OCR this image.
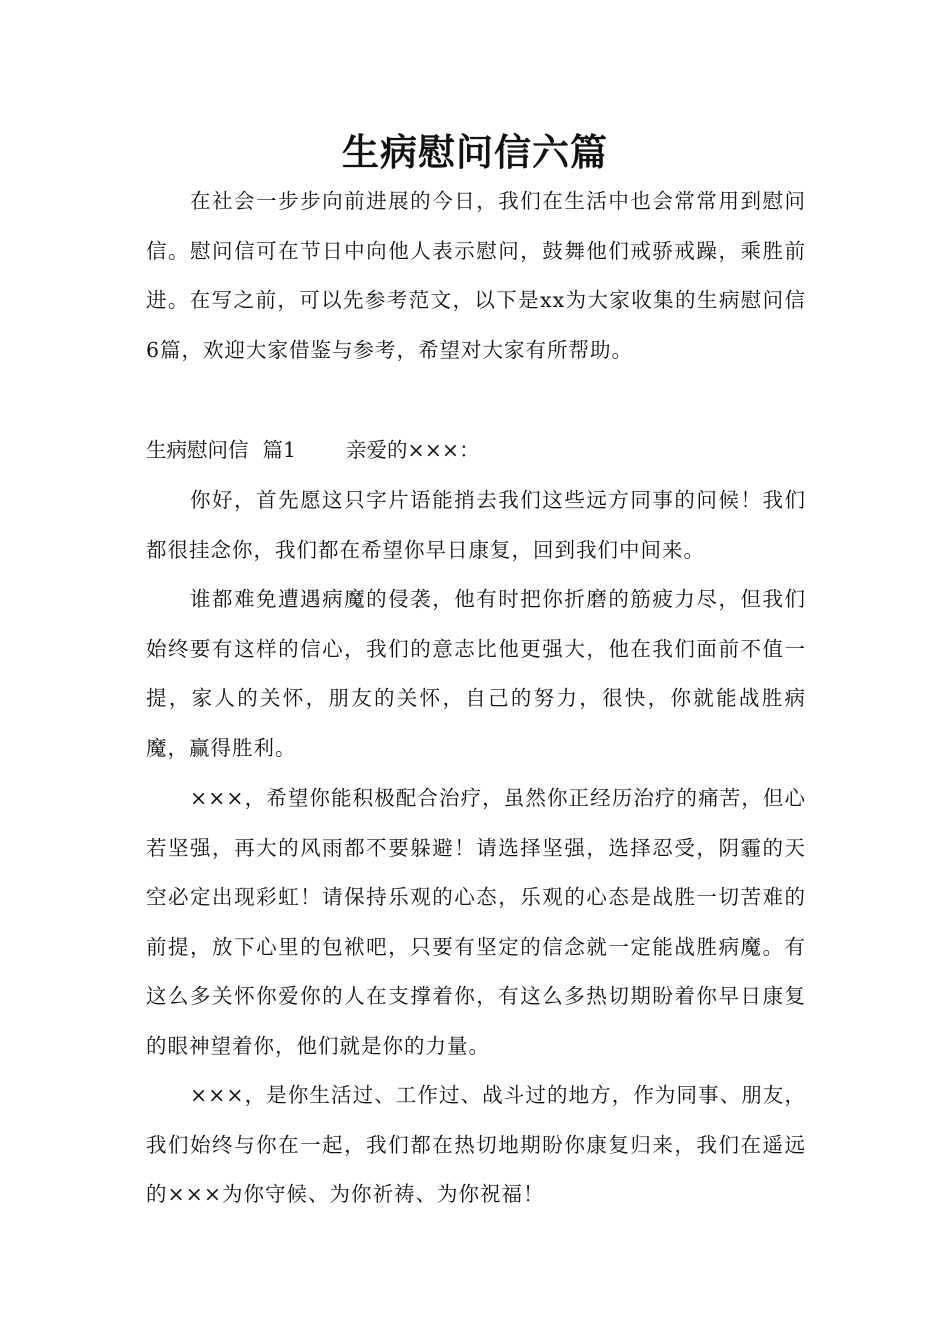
生病慰问信六篇

在社会一步步向前进展的今日，我们在生活中也会常常用到慰问信。慰问信可在节日中向他人表示慰问，鼓舞他们戒骄戒躁，乘胜前进。在写之前，可以先参考范文，以下是xx为大家收集的生病慰问信6篇，欢迎大家借鉴与参考，希望对大家有所帮助。

生病慰问信 篇1 亲爱的×××：

你好，首先愿这只字片语能捎去我们这些远方同事的问候！我们都很挂念你，我们都在希望你早日康复，回到我们中间来。

谁都难免遭遇病魔的侵袭，他有时把你折磨的筋疲力尽，但我们始终要有这样的信心，我们的意志比他更强大，他在我们面前不值一提，家人的关怀，朋友的关怀，自己的努力，很快，你就能战胜病魔，赢得胜利。

×××，希望你能积极配合治疗，虽然你正经历治疗的痛苦，但心若坚强，再大的风雨都不要躲避！请选择坚强，选择忍受，阴霾的天空必定出现彩虹！请保持乐观的心态，乐观的心态是战胜一切苦难的前提，放下心里的包袱吧，只要有坚定的信念就一定能战胜病魔。有这么多关怀你爱你的人在支撑着你，有这么多热切期盼着你早日康复的眼神望着你，他们就是你的力量。

×××，是你生活过、工作过、战斗过的地方，作为同事、朋友，我们始终与你在一起，我们都在热切地期盼你康复归来，我们在遥远的×××为你守候、为你祈祷、为你祝福！
